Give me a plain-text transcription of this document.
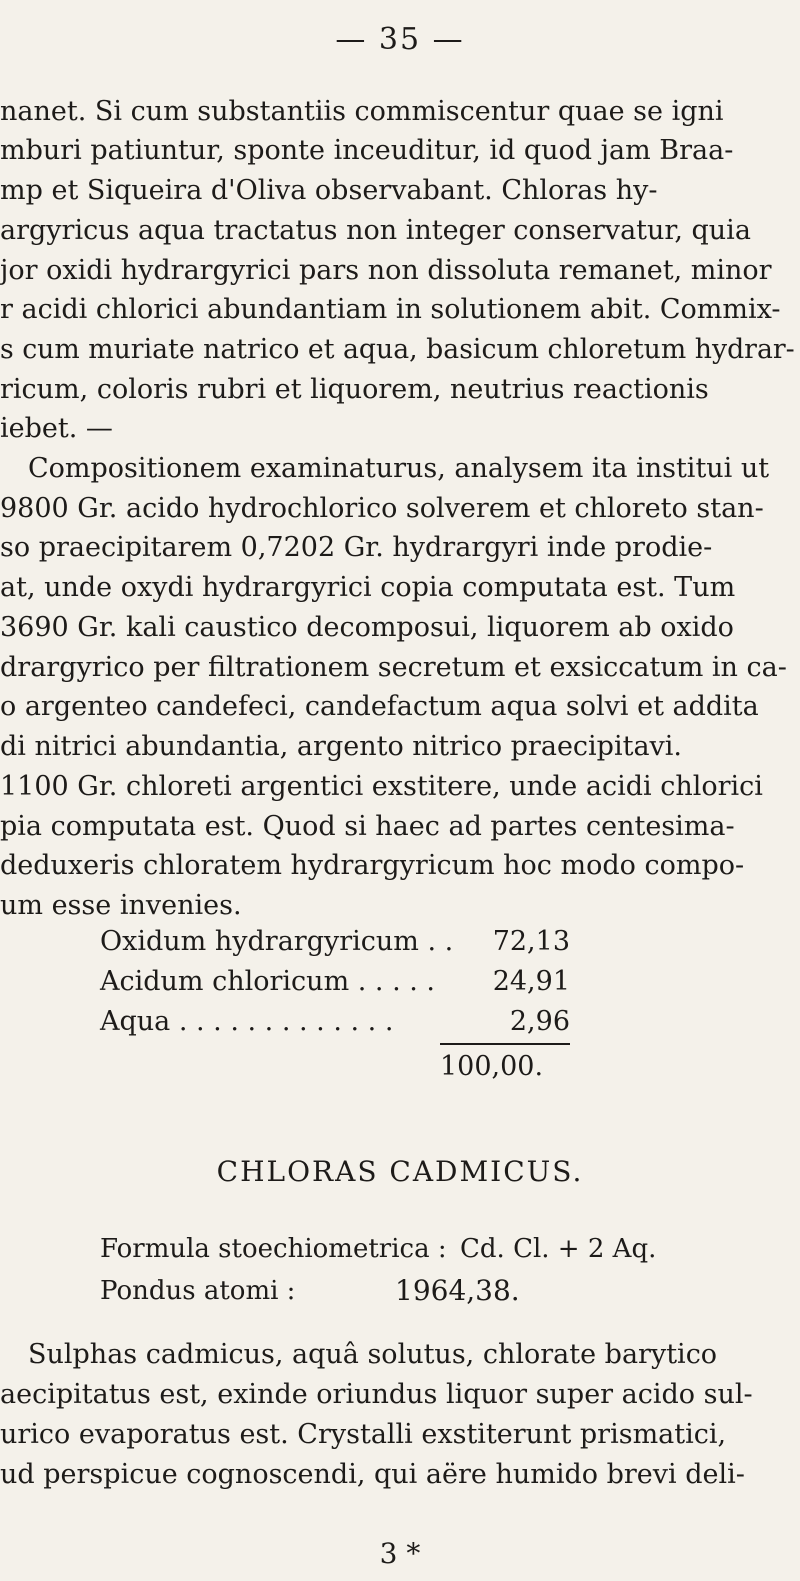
— 35 —
nanet. Si cum substantiis commiscentur quae se igni
mburi patiuntur, sponte inceuditur, id quod jam Braa-
mp et Siqueira d'Oliva observabant. Chloras hy-
argyricus aqua tractatus non integer conservatur, quia
jor oxidi hydrargyrici pars non dissoluta remanet, minor
r acidi chlorici abundantiam in solutionem abit. Commix-
s cum muriate natrico et aqua, basicum chloretum hydrar-
ricum, coloris rubri et liquorem, neutrius reactionis
iebet. —
Compositionem examinaturus, analysem ita institui ut
9800 Gr. acido hydrochlorico solverem et chloreto stan-
so praecipitarem 0,7202 Gr. hydrargyri inde prodie-
at, unde oxydi hydrargyrici copia computata est. Tum
3690 Gr. kali caustico decomposui, liquorem ab oxido
drargyrico per filtrationem secretum et exsiccatum in ca-
o argenteo candefeci, candefactum aqua solvi et addita
di nitrici abundantia, argento nitrico praecipitavi.
1100 Gr. chloreti argentici exstitere, unde acidi chlorici
pia computata est. Quod si haec ad partes centesima-
deduxeris chloratem hydrargyricum hoc modo compo-
um esse invenies.
Oxidum hydrargyricum . . 72,13
Acidum chloricum . . . . . 24,91
Aqua . . . . . . . . . . . . .	2,96
100,00.
CHLORAS CADMICUS.
Formula stoechiometrica : Cd. Cl. + 2 Aq.
Pondus atomi :	1964,38.
Sulphas cadmicus, aquâ solutus, chlorate barytico
aecipitatus est, exinde oriundus liquor super acido sul-
urico evaporatus est. Crystalli exstiterunt prismatici,
ud perspicue cognoscendi, qui aëre humido brevi deli-
3 *
